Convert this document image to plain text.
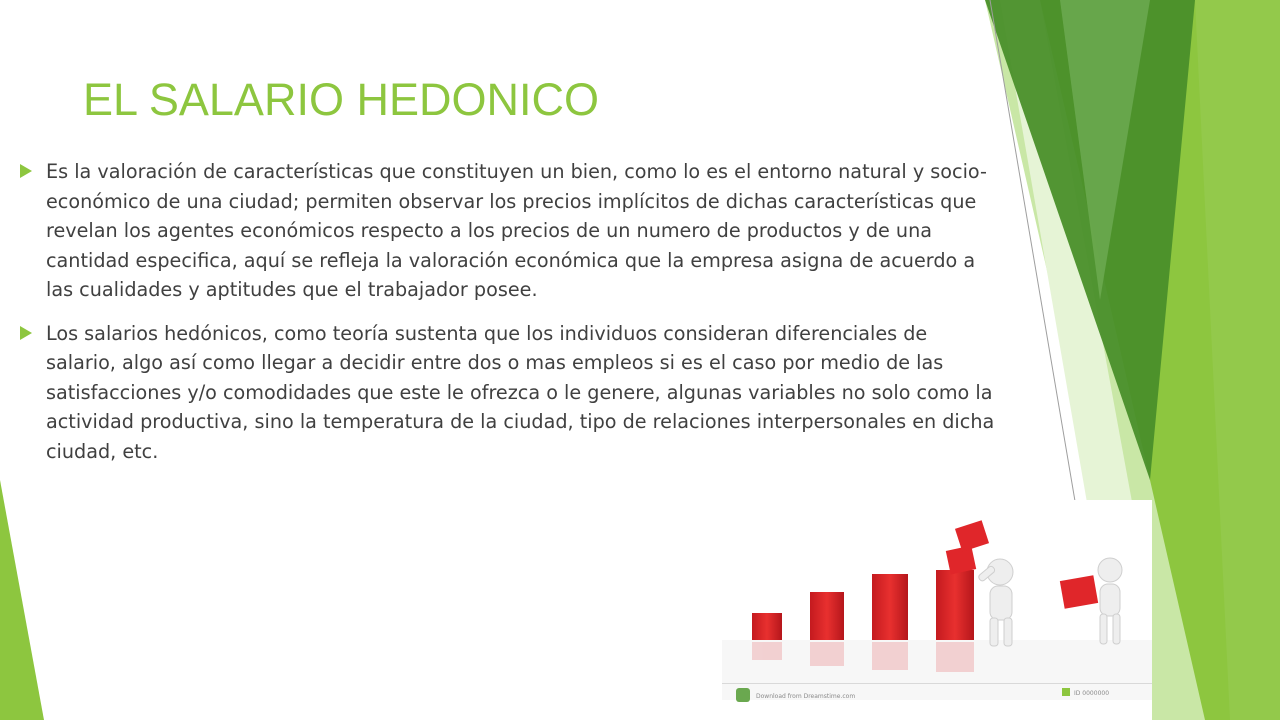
EL SALARIO HEDONICO
Es la valoración de características que constituyen un bien, como lo es el entorno natural y socio-económico de una ciudad; permiten observar los precios implícitos de dichas características que revelan los agentes económicos respecto a los precios de un numero de productos y de una cantidad especifica, aquí se refleja la valoración económica que la empresa asigna de acuerdo a las cualidades y aptitudes que el trabajador posee.
Los salarios hedónicos, como teoría sustenta que los individuos consideran diferenciales de salario, algo así como llegar a decidir entre dos o mas empleos si es el caso por medio de las satisfacciones y/o comodidades que este le ofrezca o le genere, algunas variables no solo como la actividad productiva, sino la temperatura de la ciudad, tipo de relaciones interpersonales en dicha ciudad, etc.
Download from Dreamstime.com	ID 0000000
